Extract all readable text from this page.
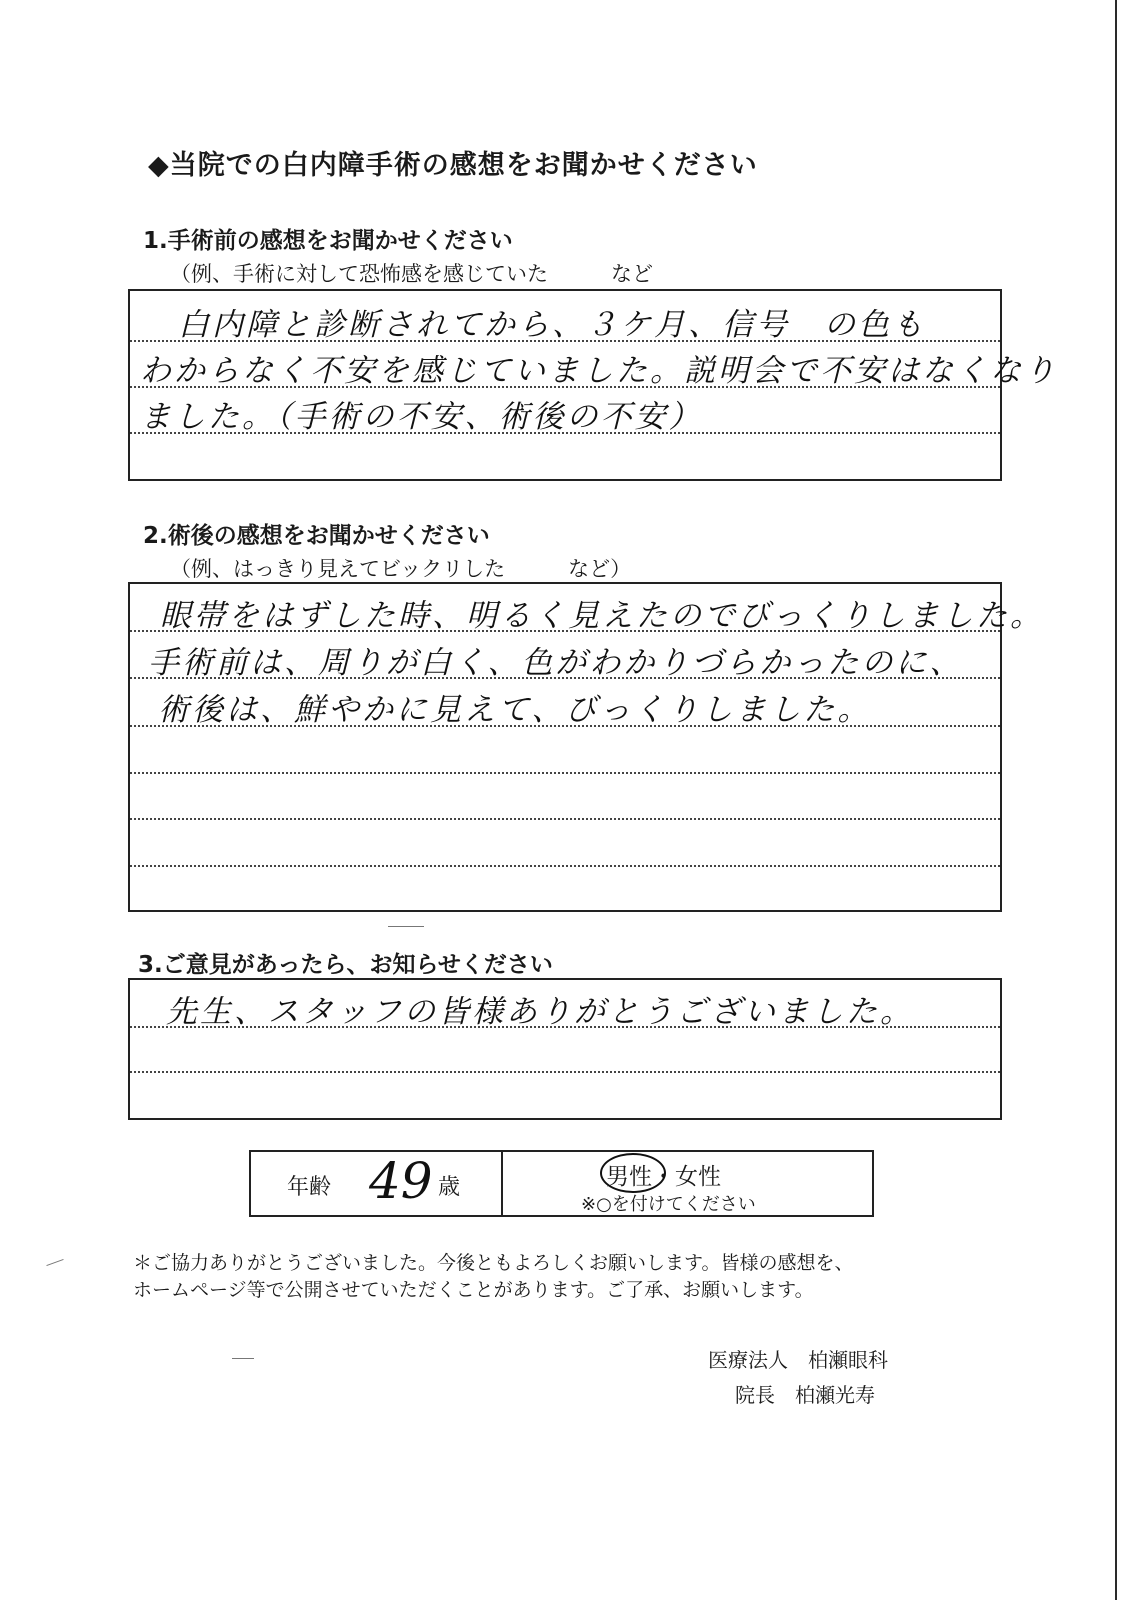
◆当院での白内障手術の感想をお聞かせください
1.手術前の感想をお聞かせください
（例、手術に対して恐怖感を感じていた　　　など
白内障と診断されてから、３ケ月、信号　の色も
わからなく不安を感じていました。説明会で不安はなくなり
ました。（手術の不安、術後の不安）
2.術後の感想をお聞かせください
（例、はっきり見えてビックリした　　　など）
眼帯をはずした時、明るく見えたのでびっくりしました。
手術前は、周りが白く、色がわかりづらかったのに、
術後は、鮮やかに見えて、びっくりしました。
3.ご意見があったら、お知らせください
先生、スタッフの皆様ありがとうございました。
年齢 49 歳	男性・女性
※○を付けてください
＊ご協力ありがとうございました。今後ともよろしくお願いします。皆様の感想を、
ホームページ等で公開させていただくことがあります。ご了承、お願いします。
医療法人　柏瀬眼科
院長　柏瀬光寿
